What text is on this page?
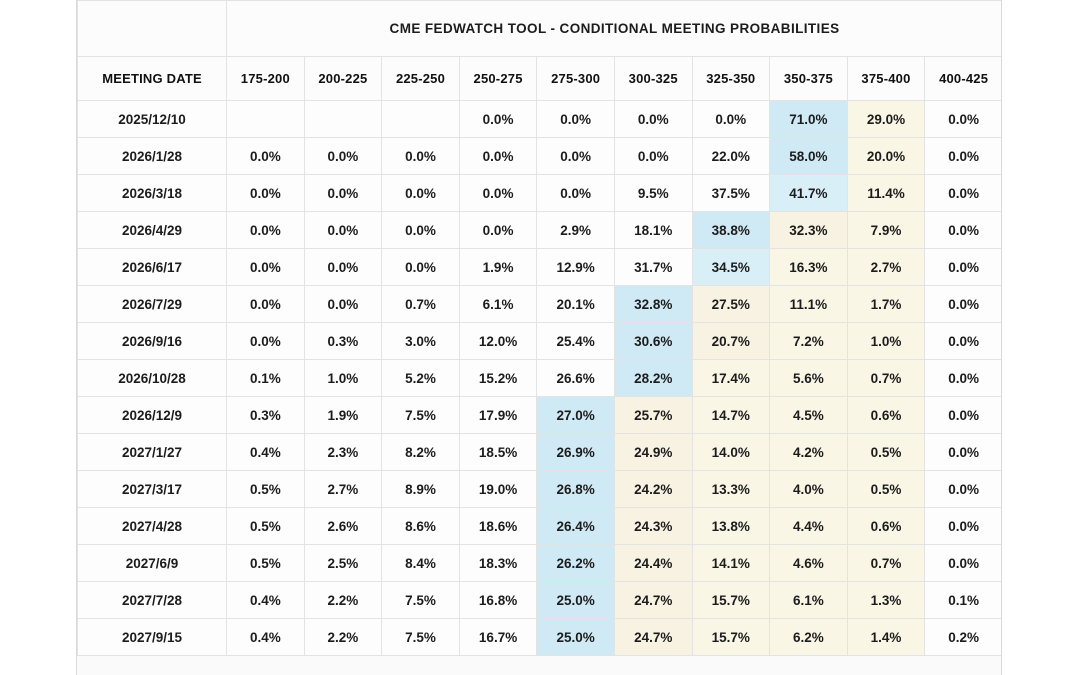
	CME FEDWATCH TOOL - CONDITIONAL MEETING PROBABILITIES									
MEETING DATE	175-200	200-225	225-250	250-275	275-300	300-325	325-350	350-375	375-400	400-425
2025/12/10				0.0%	0.0%	0.0%	0.0%	71.0%	29.0%	0.0%
2026/1/28	0.0%	0.0%	0.0%	0.0%	0.0%	0.0%	22.0%	58.0%	20.0%	0.0%
2026/3/18	0.0%	0.0%	0.0%	0.0%	0.0%	9.5%	37.5%	41.7%	11.4%	0.0%
2026/4/29	0.0%	0.0%	0.0%	0.0%	2.9%	18.1%	38.8%	32.3%	7.9%	0.0%
2026/6/17	0.0%	0.0%	0.0%	1.9%	12.9%	31.7%	34.5%	16.3%	2.7%	0.0%
2026/7/29	0.0%	0.0%	0.7%	6.1%	20.1%	32.8%	27.5%	11.1%	1.7%	0.0%
2026/9/16	0.0%	0.3%	3.0%	12.0%	25.4%	30.6%	20.7%	7.2%	1.0%	0.0%
2026/10/28	0.1%	1.0%	5.2%	15.2%	26.6%	28.2%	17.4%	5.6%	0.7%	0.0%
2026/12/9	0.3%	1.9%	7.5%	17.9%	27.0%	25.7%	14.7%	4.5%	0.6%	0.0%
2027/1/27	0.4%	2.3%	8.2%	18.5%	26.9%	24.9%	14.0%	4.2%	0.5%	0.0%
2027/3/17	0.5%	2.7%	8.9%	19.0%	26.8%	24.2%	13.3%	4.0%	0.5%	0.0%
2027/4/28	0.5%	2.6%	8.6%	18.6%	26.4%	24.3%	13.8%	4.4%	0.6%	0.0%
2027/6/9	0.5%	2.5%	8.4%	18.3%	26.2%	24.4%	14.1%	4.6%	0.7%	0.0%
2027/7/28	0.4%	2.2%	7.5%	16.8%	25.0%	24.7%	15.7%	6.1%	1.3%	0.1%
2027/9/15	0.4%	2.2%	7.5%	16.7%	25.0%	24.7%	15.7%	6.2%	1.4%	0.2%
